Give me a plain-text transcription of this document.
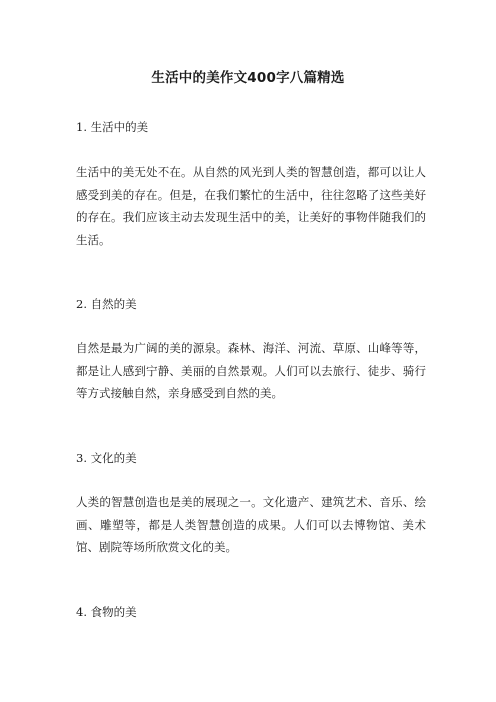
生活中的美作文400字八篇精选
1. 生活中的美
生活中的美无处不在。从自然的风光到人类的智慧创造，都可以让人感受到美的存在。但是，在我们繁忙的生活中，往往忽略了这些美好的存在。我们应该主动去发现生活中的美，让美好的事物伴随我们的生活。
2. 自然的美
自然是最为广阔的美的源泉。森林、海洋、河流、草原、山峰等等，都是让人感到宁静、美丽的自然景观。人们可以去旅行、徒步、骑行等方式接触自然，亲身感受到自然的美。
3. 文化的美
人类的智慧创造也是美的展现之一。文化遗产、建筑艺术、音乐、绘画、雕塑等，都是人类智慧创造的成果。人们可以去博物馆、美术馆、剧院等场所欣赏文化的美。
4. 食物的美
